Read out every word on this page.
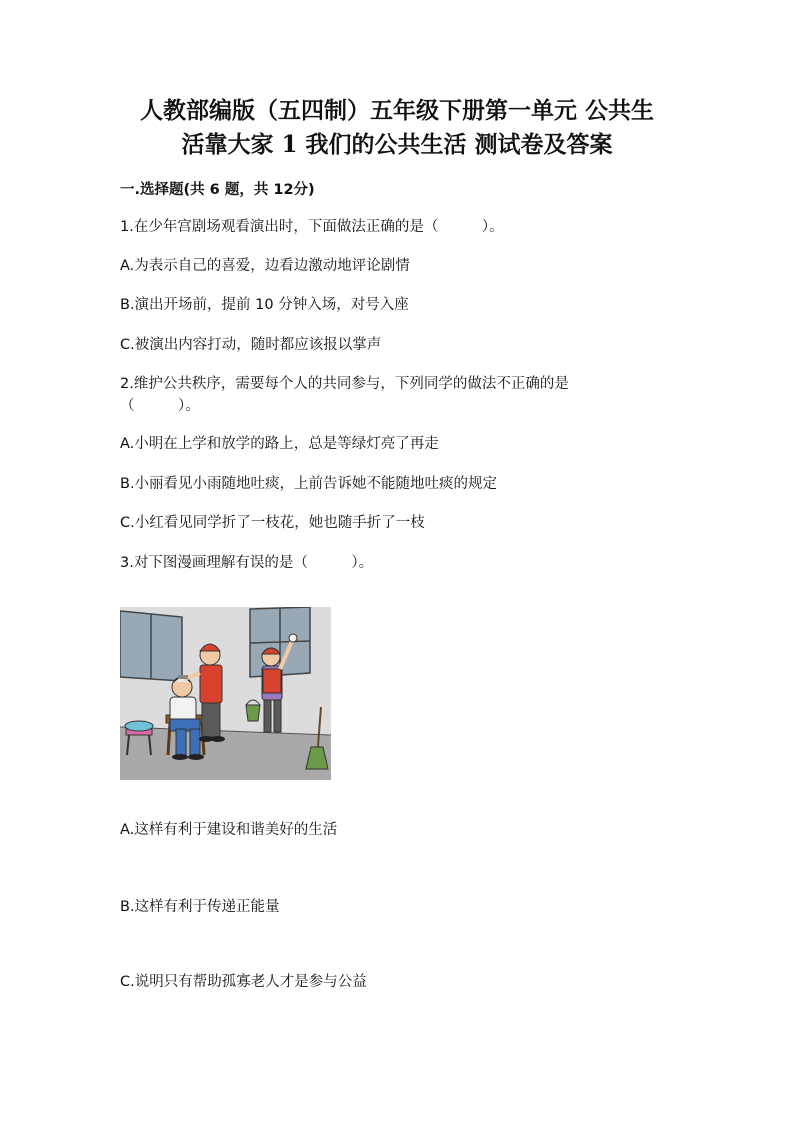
人教部编版（五四制）五年级下册第一单元 公共生
活靠大家 1 我们的公共生活 测试卷及答案
一.选择题(共 6 题，共 12分)
1.在少年宫剧场观看演出时，下面做法正确的是（　　　）。
A.为表示自己的喜爱，边看边激动地评论剧情
B.演出开场前，提前 10 分钟入场，对号入座
C.被演出内容打动，随时都应该报以掌声
2.维护公共秩序，需要每个人的共同参与，下列同学的做法不正确的是
（　　　）。
A.小明在上学和放学的路上，总是等绿灯亮了再走
B.小丽看见小雨随地吐痰，上前告诉她不能随地吐痰的规定
C.小红看见同学折了一枝花，她也随手折了一枝
3.对下图漫画理解有误的是（　　　）。
A.这样有利于建设和谐美好的生活
B.这样有利于传递正能量
C.说明只有帮助孤寡老人才是参与公益
